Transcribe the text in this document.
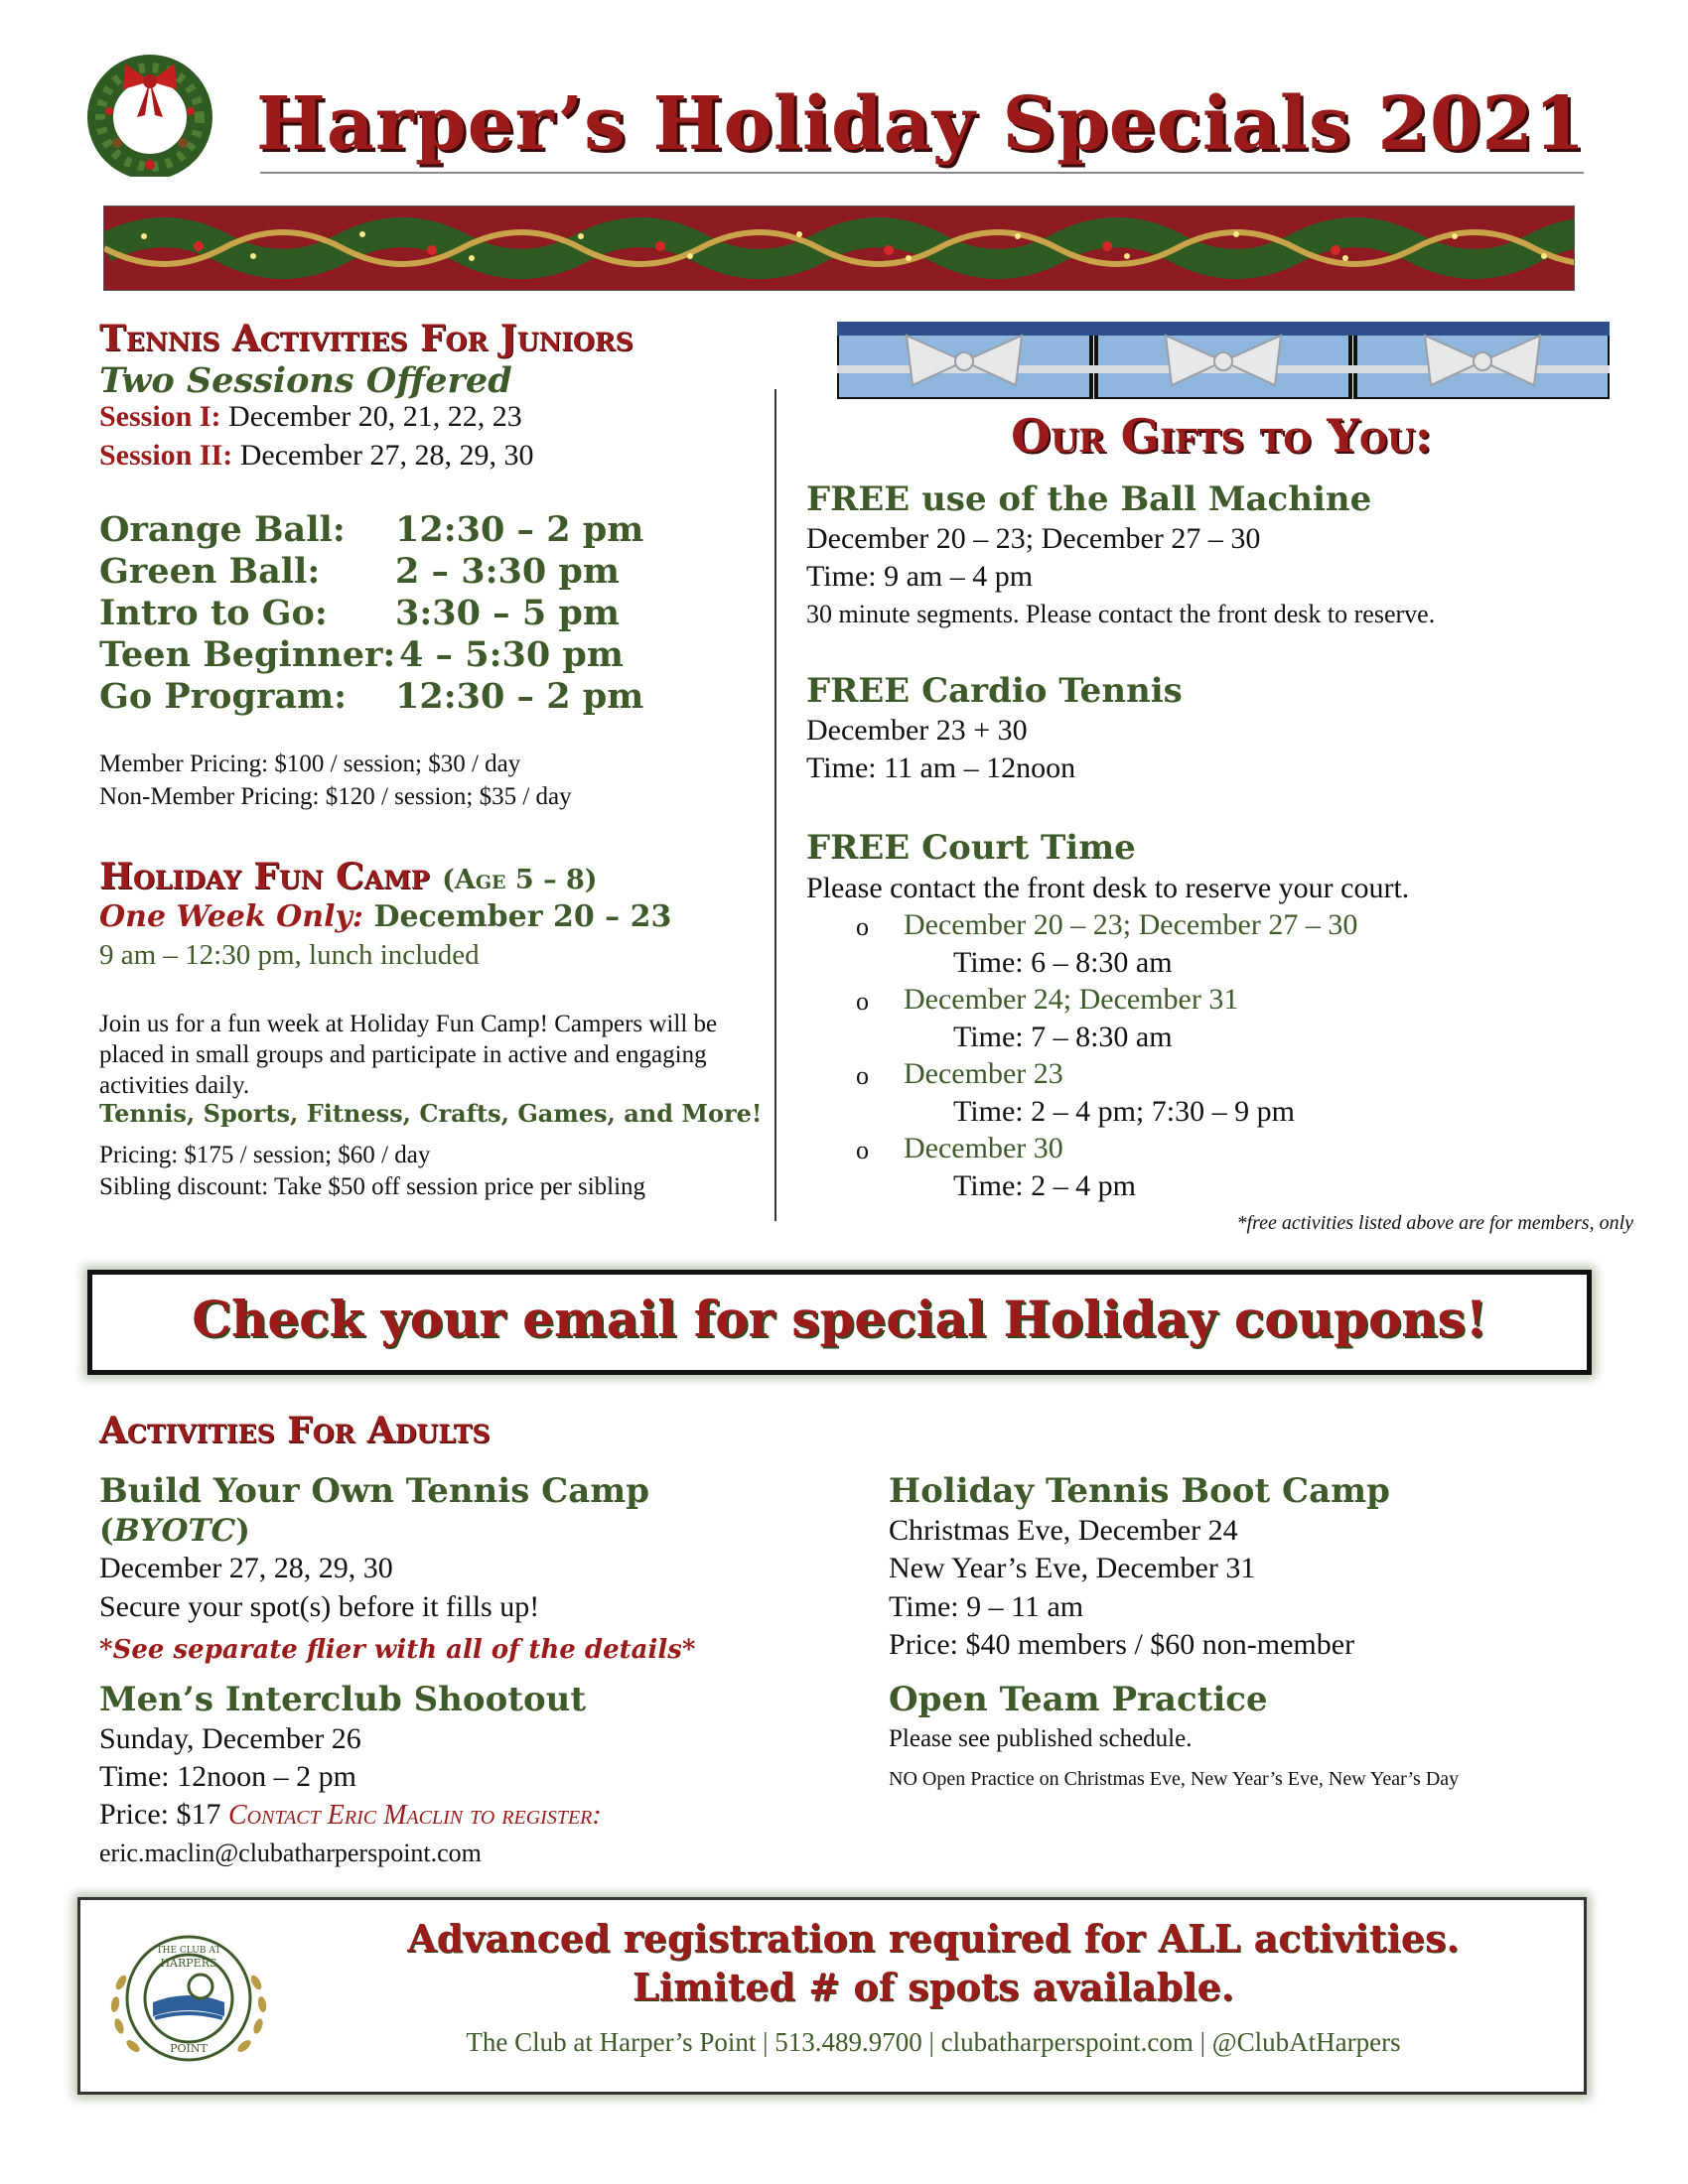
Harper’s Holiday Specials 2021
Tennis Activities For Juniors
Two Sessions Offered
Session I: December 20, 21, 22, 23
Session II: December 27, 28, 29, 30
Orange Ball: 12:30 – 2 pm
Green Ball: 2 – 3:30 pm
Intro to Go: 3:30 – 5 pm
Teen Beginner: 4 – 5:30 pm
Go Program: 12:30 – 2 pm
Member Pricing: $100 / session; $30 / day
Non-Member Pricing: $120 / session; $35 / day
Holiday Fun Camp (Age 5 – 8)
One Week Only: December 20 – 23
9 am – 12:30 pm, lunch included
Join us for a fun week at Holiday Fun Camp! Campers will be placed in small groups and participate in active and engaging activities daily.
Tennis, Sports, Fitness, Crafts, Games, and More!
Pricing: $175 / session; $60 / day
Sibling discount: Take $50 off session price per sibling
Our Gifts to You:
FREE use of the Ball Machine
December 20 – 23; December 27 – 30
Time: 9 am – 4 pm
30 minute segments. Please contact the front desk to reserve.
FREE Cardio Tennis
December 23 + 30
Time: 11 am – 12noon
FREE Court Time
Please contact the front desk to reserve your court.
o December 20 – 23; December 27 – 30
Time: 6 – 8:30 am
o December 24; December 31
Time: 7 – 8:30 am
o December 23
Time: 2 – 4 pm; 7:30 – 9 pm
o December 30
Time: 2 – 4 pm
*free activities listed above are for members, only
Check your email for special Holiday coupons!
Activities For Adults
Build Your Own Tennis Camp
(BYOTC)
December 27, 28, 29, 30
Secure your spot(s) before it fills up!
*See separate flier with all of the details*
Men’s Interclub Shootout
Sunday, December 26
Time: 12noon – 2 pm
Price: $17 Contact Eric Maclin to register:
eric.maclin@clubatharperspoint.com
Holiday Tennis Boot Camp
Christmas Eve, December 24
New Year’s Eve, December 31
Time: 9 – 11 am
Price: $40 members / $60 non-member
Open Team Practice
Please see published schedule.
NO Open Practice on Christmas Eve, New Year’s Eve, New Year’s Day
THE CLUB AT
HARPERS
POINT
Advanced registration required for ALL activities.
Limited # of spots available.
The Club at Harper’s Point | 513.489.9700 | clubatharperspoint.com | @ClubAtHarpers
